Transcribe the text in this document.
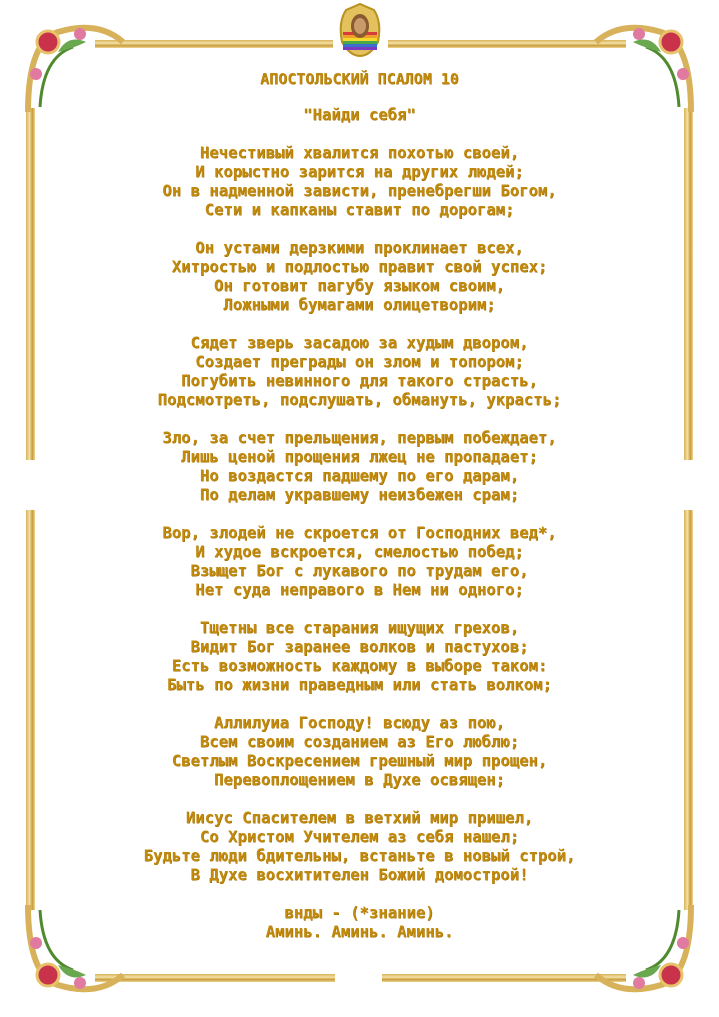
АПОСТОЛЬСКИЙ ПСАЛОМ 10

"Найди себя"

Нечестивый хвалится похотью своей,
И корыстно зарится на других людей;
Он в надменной зависти, пренебрегши Богом,
Сети и капканы ставит по дорогам;
Он устами дерзкими проклинает всех,
Хитростью и подлостью правит свой успех;
Он готовит пагубу языком своим,
Ложными бумагами олицетворим;
Сядет зверь засадою за худым двором,
Создает преграды он злом и топором;
Погубить невинного для такого страсть,
Подсмотреть, подслушать, обмануть, украсть;
Зло, за счет прельщения, первым побеждает,
Лишь ценой прощения лжец не пропадает;
Но воздастся падшему по его дарам,
По делам укравшему неизбежен срам;
Вор, злодей не скроется от Господних вед*,
И худое вскроется, смелостью побед;
Взыщет Бог с лукавого по трудам его,
Нет суда неправого в Нем ни одного;
Тщетны все старания ищущих грехов,
Видит Бог заранее волков и пастухов;
Есть возможность каждому в выборе таком:
Быть по жизни праведным или стать волком;
Аллилуиа Господу! всюду аз пою,
Всем своим созданием аз Его люблю;
Светлым Воскресением грешный мир прощен,
Перевоплощением в Духе освящен;
Иисус Спасителем в ветхий мир пришел,
Со Христом Учителем аз себя нашел;
Будьте люди бдительны, встаньте в новый строй,
В Духе восхитителен Божий домострой!
внды - (*знание)
Аминь. Аминь. Аминь.
